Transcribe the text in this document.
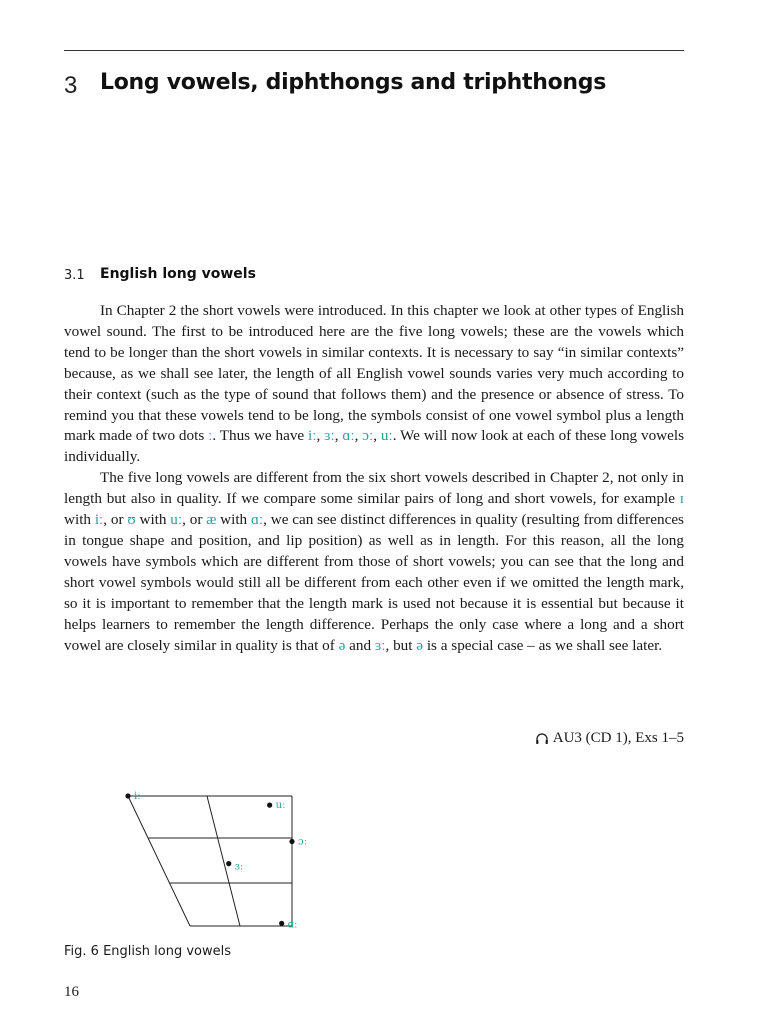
3 Long vowels, diphthongs and triphthongs
3.1 English long vowels

In Chapter 2 the short vowels were introduced. In this chapter we look at other types of English vowel sound. The first to be introduced here are the five long vowels; these are the vowels which tend to be longer than the short vowels in similar contexts. It is necessary to say “in similar contexts” because, as we shall see later, the length of all English vowel sounds varies very much according to their context (such as the type of sound that follows them) and the presence or absence of stress. To remind you that these vowels tend to be long, the symbols consist of one vowel symbol plus a length mark made of two dots ː. Thus we have iː, ɜː, ɑː, ɔː, uː. We will now look at each of these long vowels individually.

The five long vowels are different from the six short vowels described in Chapter 2, not only in length but also in quality. If we compare some similar pairs of long and short vowels, for example ɪ with iː, or ʊ with uː, or æ with ɑː, we can see distinct differences in quality (resulting from differences in tongue shape and position, and lip position) as well as in length. For this reason, all the long vowels have symbols which are different from those of short vowels; you can see that the long and short vowel symbols would still all be different from each other even if we omitted the length mark, so it is important to remember that the length mark is used not because it is essential but because it helps learners to remember the length difference. Perhaps the only case where a long and a short vowel are closely similar in quality is that of ə and ɜː, but ə is a special case – as we shall see later.

AU3 (CD 1), Exs 1–5
iː
uː
ɔː
ɜː
ɑː
Fig. 6 English long vowels
16
